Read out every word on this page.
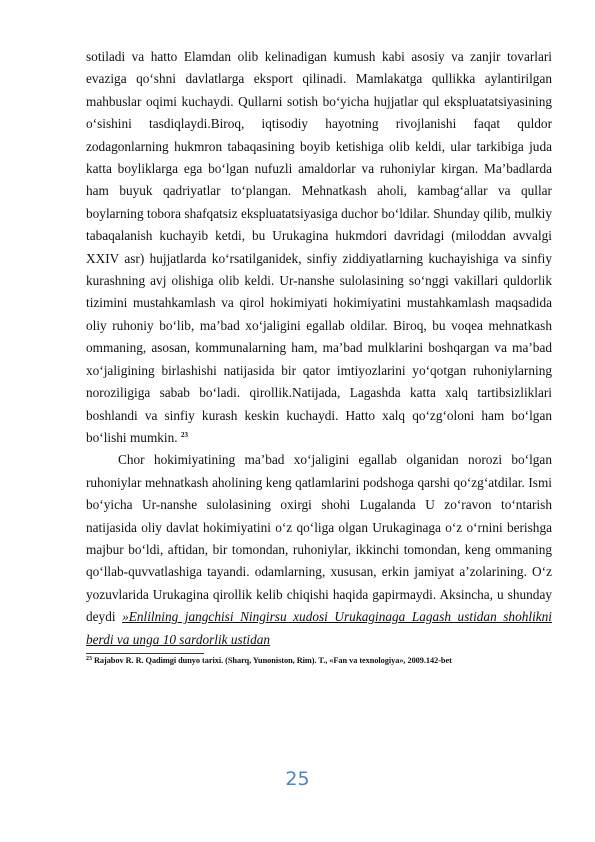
sotiladi va hatto Elamdan olib kelinadigan kumush kabi asosiy va zanjir tovarlari evaziga qo‘shni davlatlarga eksport qilinadi. Mamlakatga qullikka aylantirilgan mahbuslar oqimi kuchaydi. Qullarni sotish bo‘yicha hujjatlar qul ekspluatatsiyasining o‘sishini tasdiqlaydi.Biroq, iqtisodiy hayotning rivojlanishi faqat quldor zodagonlarning hukmron tabaqasining boyib ketishiga olib keldi, ular tarkibiga juda katta boyliklarga ega bo‘lgan nufuzli amaldorlar va ruhoniylar kirgan. Ma’badlarda ham buyuk qadriyatlar to‘plangan. Mehnatkash aholi, kambag‘allar va qullar boylarning tobora shafqatsiz ekspluatatsiyasiga duchor bo‘ldilar. Shunday qilib, mulkiy tabaqalanish kuchayib ketdi, bu Urukagina hukmdori davridagi (miloddan avvalgi XXIV asr) hujjatlarda ko‘rsatilganidek, sinfiy ziddiyatlarning kuchayishiga va sinfiy kurashning avj olishiga olib keldi. Ur-nanshe sulolasining so‘nggi vakillari quldorlik tizimini mustahkamlash va qirol hokimiyati hokimiyatini mustahkamlash maqsadida oliy ruhoniy bo‘lib, ma’bad xo‘jaligini egallab oldilar. Biroq, bu voqea mehnatkash ommaning, asosan, kommunalarning ham, ma’bad mulklarini boshqargan va ma’bad xo‘jaligining birlashishi natijasida bir qator imtiyozlarini yo‘qotgan ruhoniylarning noroziligiga sabab bo‘ladi. qirollik.Natijada, Lagashda katta xalq tartibsizliklari boshlandi va sinfiy kurash keskin kuchaydi. Hatto xalq qo‘zg‘oloni ham bo‘lgan bo‘lishi mumkin. $^{23}$

Chor hokimiyatining ma’bad xo‘jaligini egallab olganidan norozi bo‘lgan ruhoniylar mehnatkash aholining keng qatlamlarini podshoga qarshi qo‘zg‘atdilar. Ismi bo‘yicha Ur-nanshe sulolasining oxirgi shohi Lugalanda U zo‘ravon to‘ntarish natijasida oliy davlat hokimiyatini o‘z qo‘liga olgan Urukaginaga o‘z o‘rnini berishga majbur bo‘ldi, aftidan, bir tomondan, ruhoniylar, ikkinchi tomondan, keng ommaning qo‘llab-quvvatlashiga tayandi. odamlarning, xususan, erkin jamiyat a’zolarining. O‘z yozuvlarida Urukagina qirollik kelib chiqishi haqida gapirmaydi. Aksincha, u shunday deydi »Enlilning jangchisi Ningirsu xudosi Urukaginaga Lagash ustidan shohlikni berdi va unga 10 sardorlik ustidan

$^{23}$ Rajabov R. R. Qadimgi dunyo tarixi. (Sharq, Yunoniston, Rim). T., «Fan va texnologiya», 2009.142-bet

25
